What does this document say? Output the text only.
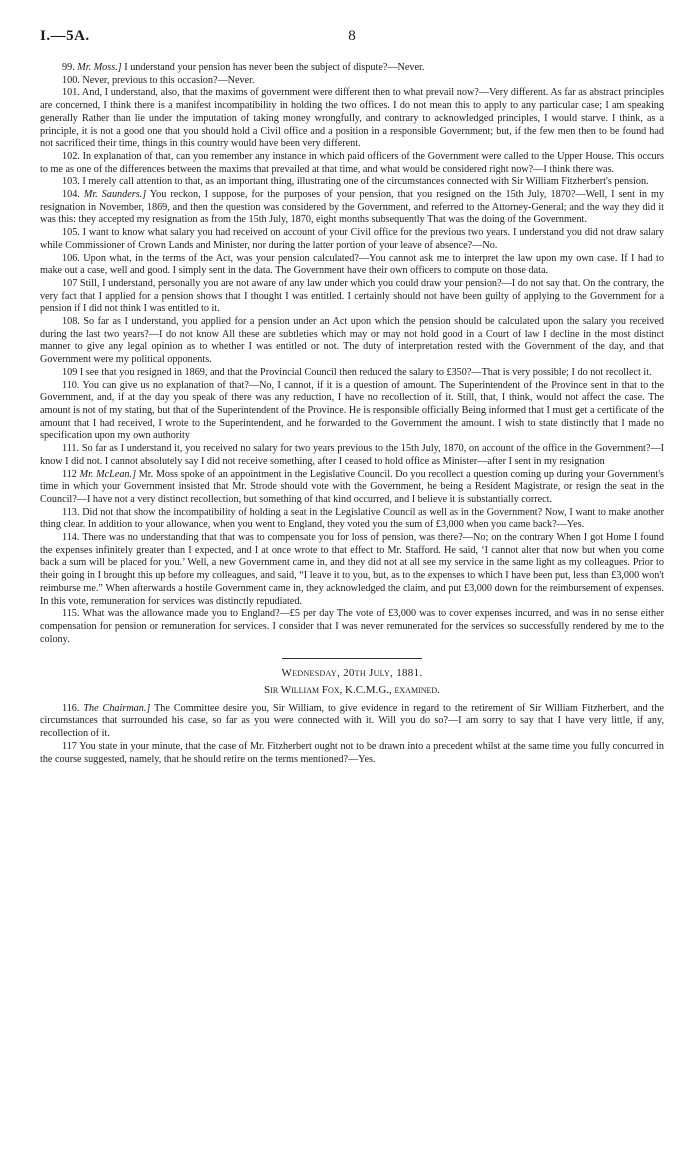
I.—5A.	8

99. Mr. Moss.] I understand your pension has never been the subject of dispute?—Never.

100. Never, previous to this occasion?—Never.

101. And, I understand, also, that the maxims of government were different then to what prevail now?—Very different. As far as abstract principles are concerned, I think there is a manifest incompatibility in holding the two offices. I do not mean this to apply to any particular case; I am speaking generally Rather than lie under the imputation of taking money wrongfully, and contrary to acknowledged principles, I would starve. I think, as a principle, it is not a good one that you should hold a Civil office and a position in a responsible Government; but, if the few men then to be found had not sacrificed their time, things in this country would have been very different.

102. In explanation of that, can you remember any instance in which paid officers of the Government were called to the Upper House. This occurs to me as one of the differences between the maxims that prevailed at that time, and what would be considered right now?—I think there was.

103. I merely call attention to that, as an important thing, illustrating one of the circumstances connected with Sir William Fitzherbert's pension.

104. Mr. Saunders.] You reckon, I suppose, for the purposes of your pension, that you resigned on the 15th July, 1870?—Well, I sent in my resignation in November, 1869, and then the question was considered by the Government, and referred to the Attorney-General; and the way they did it was this: they accepted my resignation as from the 15th July, 1870, eight months subsequently That was the doing of the Government.

105. I want to know what salary you had received on account of your Civil office for the previous two years. I understand you did not draw salary while Commissioner of Crown Lands and Minister, nor during the latter portion of your leave of absence?—No.

106. Upon what, in the terms of the Act, was your pension calculated?—You cannot ask me to interpret the law upon my own case. If I had to make out a case, well and good. I simply sent in the data. The Government have their own officers to compute on those data.

107 Still, I understand, personally you are not aware of any law under which you could draw your pension?—I do not say that. On the contrary, the very fact that I applied for a pension shows that I thought I was entitled. I certainly should not have been guilty of applying to the Government for a pension if I did not think I was entitled to it.

108. So far as I understand, you applied for a pension under an Act upon which the pension should be calculated upon the salary you received during the last two years?—I do not know All these are subtleties which may or may not hold good in a Court of law I decline in the most distinct manner to give any legal opinion as to whether I was entitled or not. The duty of interpretation rested with the Government of the day, and that Government were my political opponents.

109 I see that you resigned in 1869, and that the Provincial Council then reduced the salary to £350?—That is very possible; I do not recollect it.

110. You can give us no explanation of that?—No, I cannot, if it is a question of amount. The Superintendent of the Province sent in that to the Government, and, if at the day you speak of there was any reduction, I have no recollection of it. Still, that, I think, would not affect the case. The amount is not of my stating, but that of the Superintendent of the Province. He is responsible officially Being informed that I must get a certificate of the amount that I had received, I wrote to the Superintendent, and he forwarded to the Government the amount. I wish to state distinctly that I made no specification upon my own authority

111. So far as I understand it, you received no salary for two years previous to the 15th July, 1870, on account of the office in the Government?—I know I did not. I cannot absolutely say I did not receive something, after I ceased to hold office as Minister—after I sent in my resignation

112 Mr. McLean.] Mr. Moss spoke of an appointment in the Legislative Council. Do you recollect a question coming up during your Government's time in which your Government insisted that Mr. Strode should vote with the Government, he being a Resident Magistrate, or resign the seat in the Council?—I have not a very distinct recollection, but something of that kind occurred, and I believe it is substantially correct.

113. Did not that show the incompatibility of holding a seat in the Legislative Council as well as in the Government? Now, I want to make another thing clear. In addition to your allowance, when you went to England, they voted you the sum of £3,000 when you came back?—Yes.

114. There was no understanding that that was to compensate you for loss of pension, was there?—No; on the contrary When I got Home I found the expenses infinitely greater than I expected, and I at once wrote to that effect to Mr. Stafford. He said, ‘I cannot alter that now but when you come back a sum will be placed for you.’ Well, a new Government came in, and they did not at all see my service in the same light as my colleagues. Prior to their going in I brought this up before my colleagues, and said, “I leave it to you, but, as to the expenses to which I have been put, less than £3,000 won't reimburse me.” When afterwards a hostile Government came in, they acknowledged the claim, and put £3,000 down for the reimbursement of expenses. In this vote, remuneration for services was distinctly repudiated.

115. What was the allowance made you to England?—£5 per day The vote of £3,000 was to cover expenses incurred, and was in no sense either compensation for pension or remuneration for services. I consider that I was never remunerated for the services so successfully rendered by me to the colony.

Wednesday, 20th July, 1881.

Sir William Fox, K.C.M.G., examined.

116. The Chairman.] The Committee desire you, Sir William, to give evidence in regard to the retirement of Sir William Fitzherbert, and the circumstances that surrounded his case, so far as you were connected with it. Will you do so?—I am sorry to say that I have very little, if any, recollection of it.

117 You state in your minute, that the case of Mr. Fitzherbert ought not to be drawn into a precedent whilst at the same time you fully concurred in the course suggested, namely, that he should retire on the terms mentioned?—Yes.
